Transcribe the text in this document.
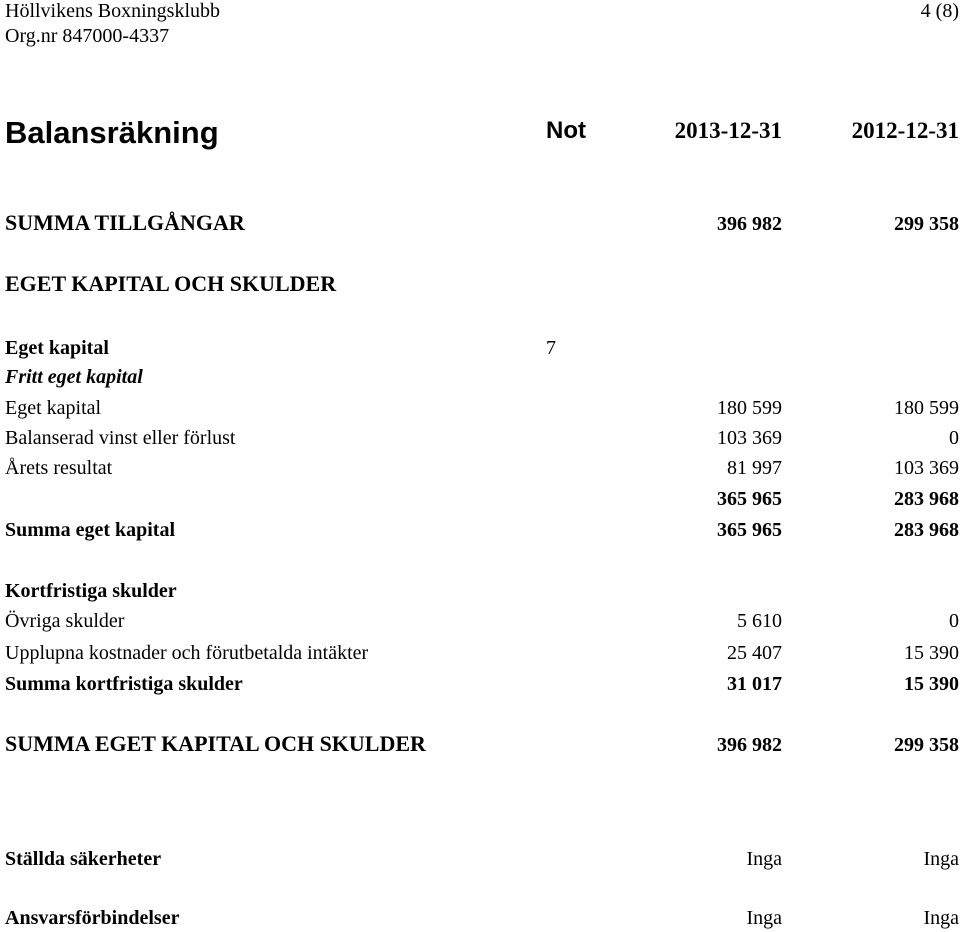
Höllvikens Boxningsklubb	4 (8)
Org.nr 847000-4337
Balansräkning	Not	2013-12-31	2012-12-31
SUMMA TILLGÅNGAR	396 982	299 358
EGET KAPITAL OCH SKULDER
Eget kapital	7
Fritt eget kapital
Eget kapital	180 599	180 599
Balanserad vinst eller förlust	103 369	0
Årets resultat	81 997	103 369
365 965	283 968
Summa eget kapital	365 965	283 968
Kortfristiga skulder
Övriga skulder	5 610	0
Upplupna kostnader och förutbetalda intäkter	25 407	15 390
Summa kortfristiga skulder	31 017	15 390
SUMMA EGET KAPITAL OCH SKULDER	396 982	299 358
Ställda säkerheter	Inga	Inga
Ansvarsförbindelser	Inga	Inga
